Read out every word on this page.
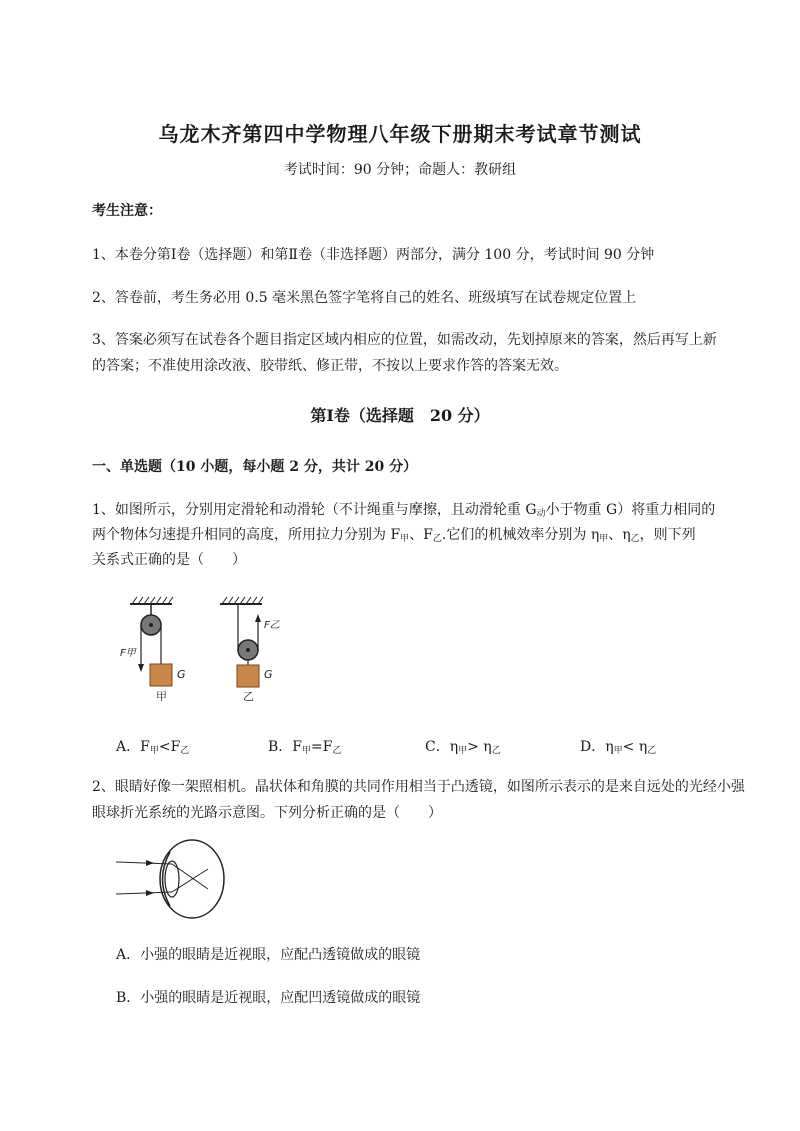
乌龙木齐第四中学物理八年级下册期末考试章节测试
考试时间：90 分钟；命题人：教研组
考生注意：
1、本卷分第Ⅰ卷（选择题）和第Ⅱ卷（非选择题）两部分，满分 100 分，考试时间 90 分钟
2、答卷前，考生务必用 0.5 毫米黑色签字笔将自己的姓名、班级填写在试卷规定位置上
3、答案必须写在试卷各个题目指定区域内相应的位置，如需改动，先划掉原来的答案，然后再写上新的答案；不准使用涂改液、胶带纸、修正带，不按以上要求作答的答案无效。
第Ⅰ卷（选择题　20 分）
一、单选题（10 小题，每小题 2 分，共计 20 分）
1、如图所示，分别用定滑轮和动滑轮（不计绳重与摩擦，且动滑轮重 $G_动$小于物重 G）将重力相同的
两个物体匀速提升相同的高度，所用拉力分别为 $F_甲$、$F_乙$.它们的机械效率分别为 $\eta_甲$、$\eta_乙$，则下列
关系式正确的是（　　）
G
F甲
甲
G
F乙
乙
A．$F_甲<F_乙$	B．$F_甲=F_乙$	C．$\eta_甲> \eta_乙$	D．$\eta_甲< \eta_乙$
2、眼睛好像一架照相机。晶状体和角膜的共同作用相当于凸透镜，如图所示表示的是来自远处的光经小强眼球折光系统的光路示意图。下列分析正确的是（　　）
A．小强的眼睛是近视眼，应配凸透镜做成的眼镜
B．小强的眼睛是近视眼，应配凹透镜做成的眼镜
